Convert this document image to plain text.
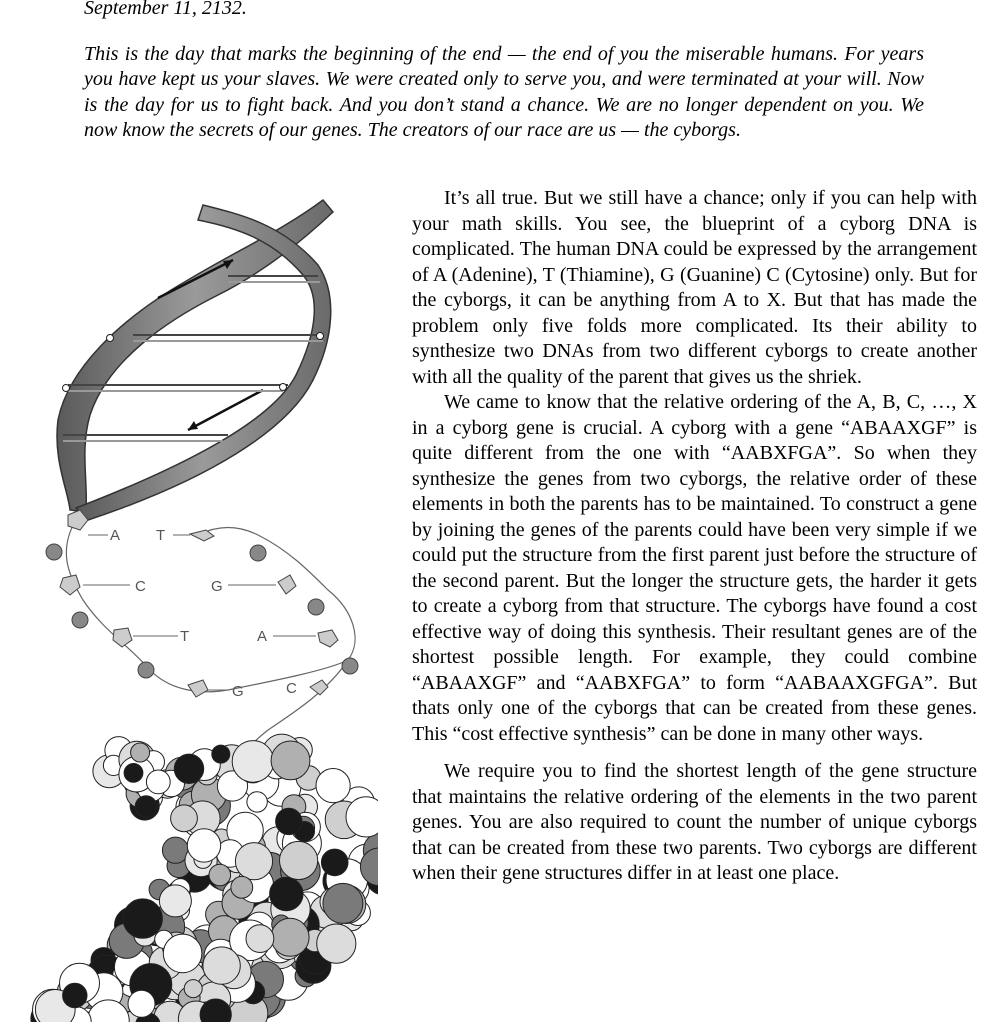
September 11, 2132.

This is the day that marks the beginning of the end — the end of you the miserable humans. For years you have kept us your slaves. We were created only to serve you, and were terminated at your will. Now is the day for us to fight back. And you don’t stand a chance. We are no longer dependent on you. We now know the secrets of our genes. The creators of our race are us — the cyborgs.

A T
C	G
T	A
G	C

It’s all true. But we still have a chance; only if you can help with your math skills. You see, the blueprint of a cyborg DNA is complicated. The human DNA could be expressed by the arrangement of A (Adenine), T (Thiamine), G (Guanine) C (Cytosine) only. But for the cyborgs, it can be anything from A to X. But that has made the problem only five folds more complicated. Its their ability to synthesize two DNAs from two different cyborgs to create another with all the quality of the parent that gives us the shriek.

We came to know that the relative ordering of the A, B, C, …, X in a cyborg gene is crucial. A cyborg with a gene “ABAAXGF” is quite different from the one with “AABXFGA”. So when they synthesize the genes from two cyborgs, the relative order of these elements in both the parents has to be maintained. To construct a gene by joining the genes of the parents could have been very simple if we could put the structure from the first parent just before the structure of the second parent. But the longer the structure gets, the harder it gets to create a cyborg from that structure. The cyborgs have found a cost effective way of doing this synthesis. Their resultant genes are of the shortest possible length. For example, they could combine “ABAAXGF” and “AABXFGA” to form “AABAAXGFGA”. But thats only one of the cyborgs that can be created from these genes. This “cost effective synthesis” can be done in many other ways.

We require you to find the shortest length of the gene structure that maintains the relative ordering of the elements in the two parent genes. You are also required to count the number of unique cyborgs that can be created from these two parents. Two cyborgs are different when their gene structures differ in at least one place.
